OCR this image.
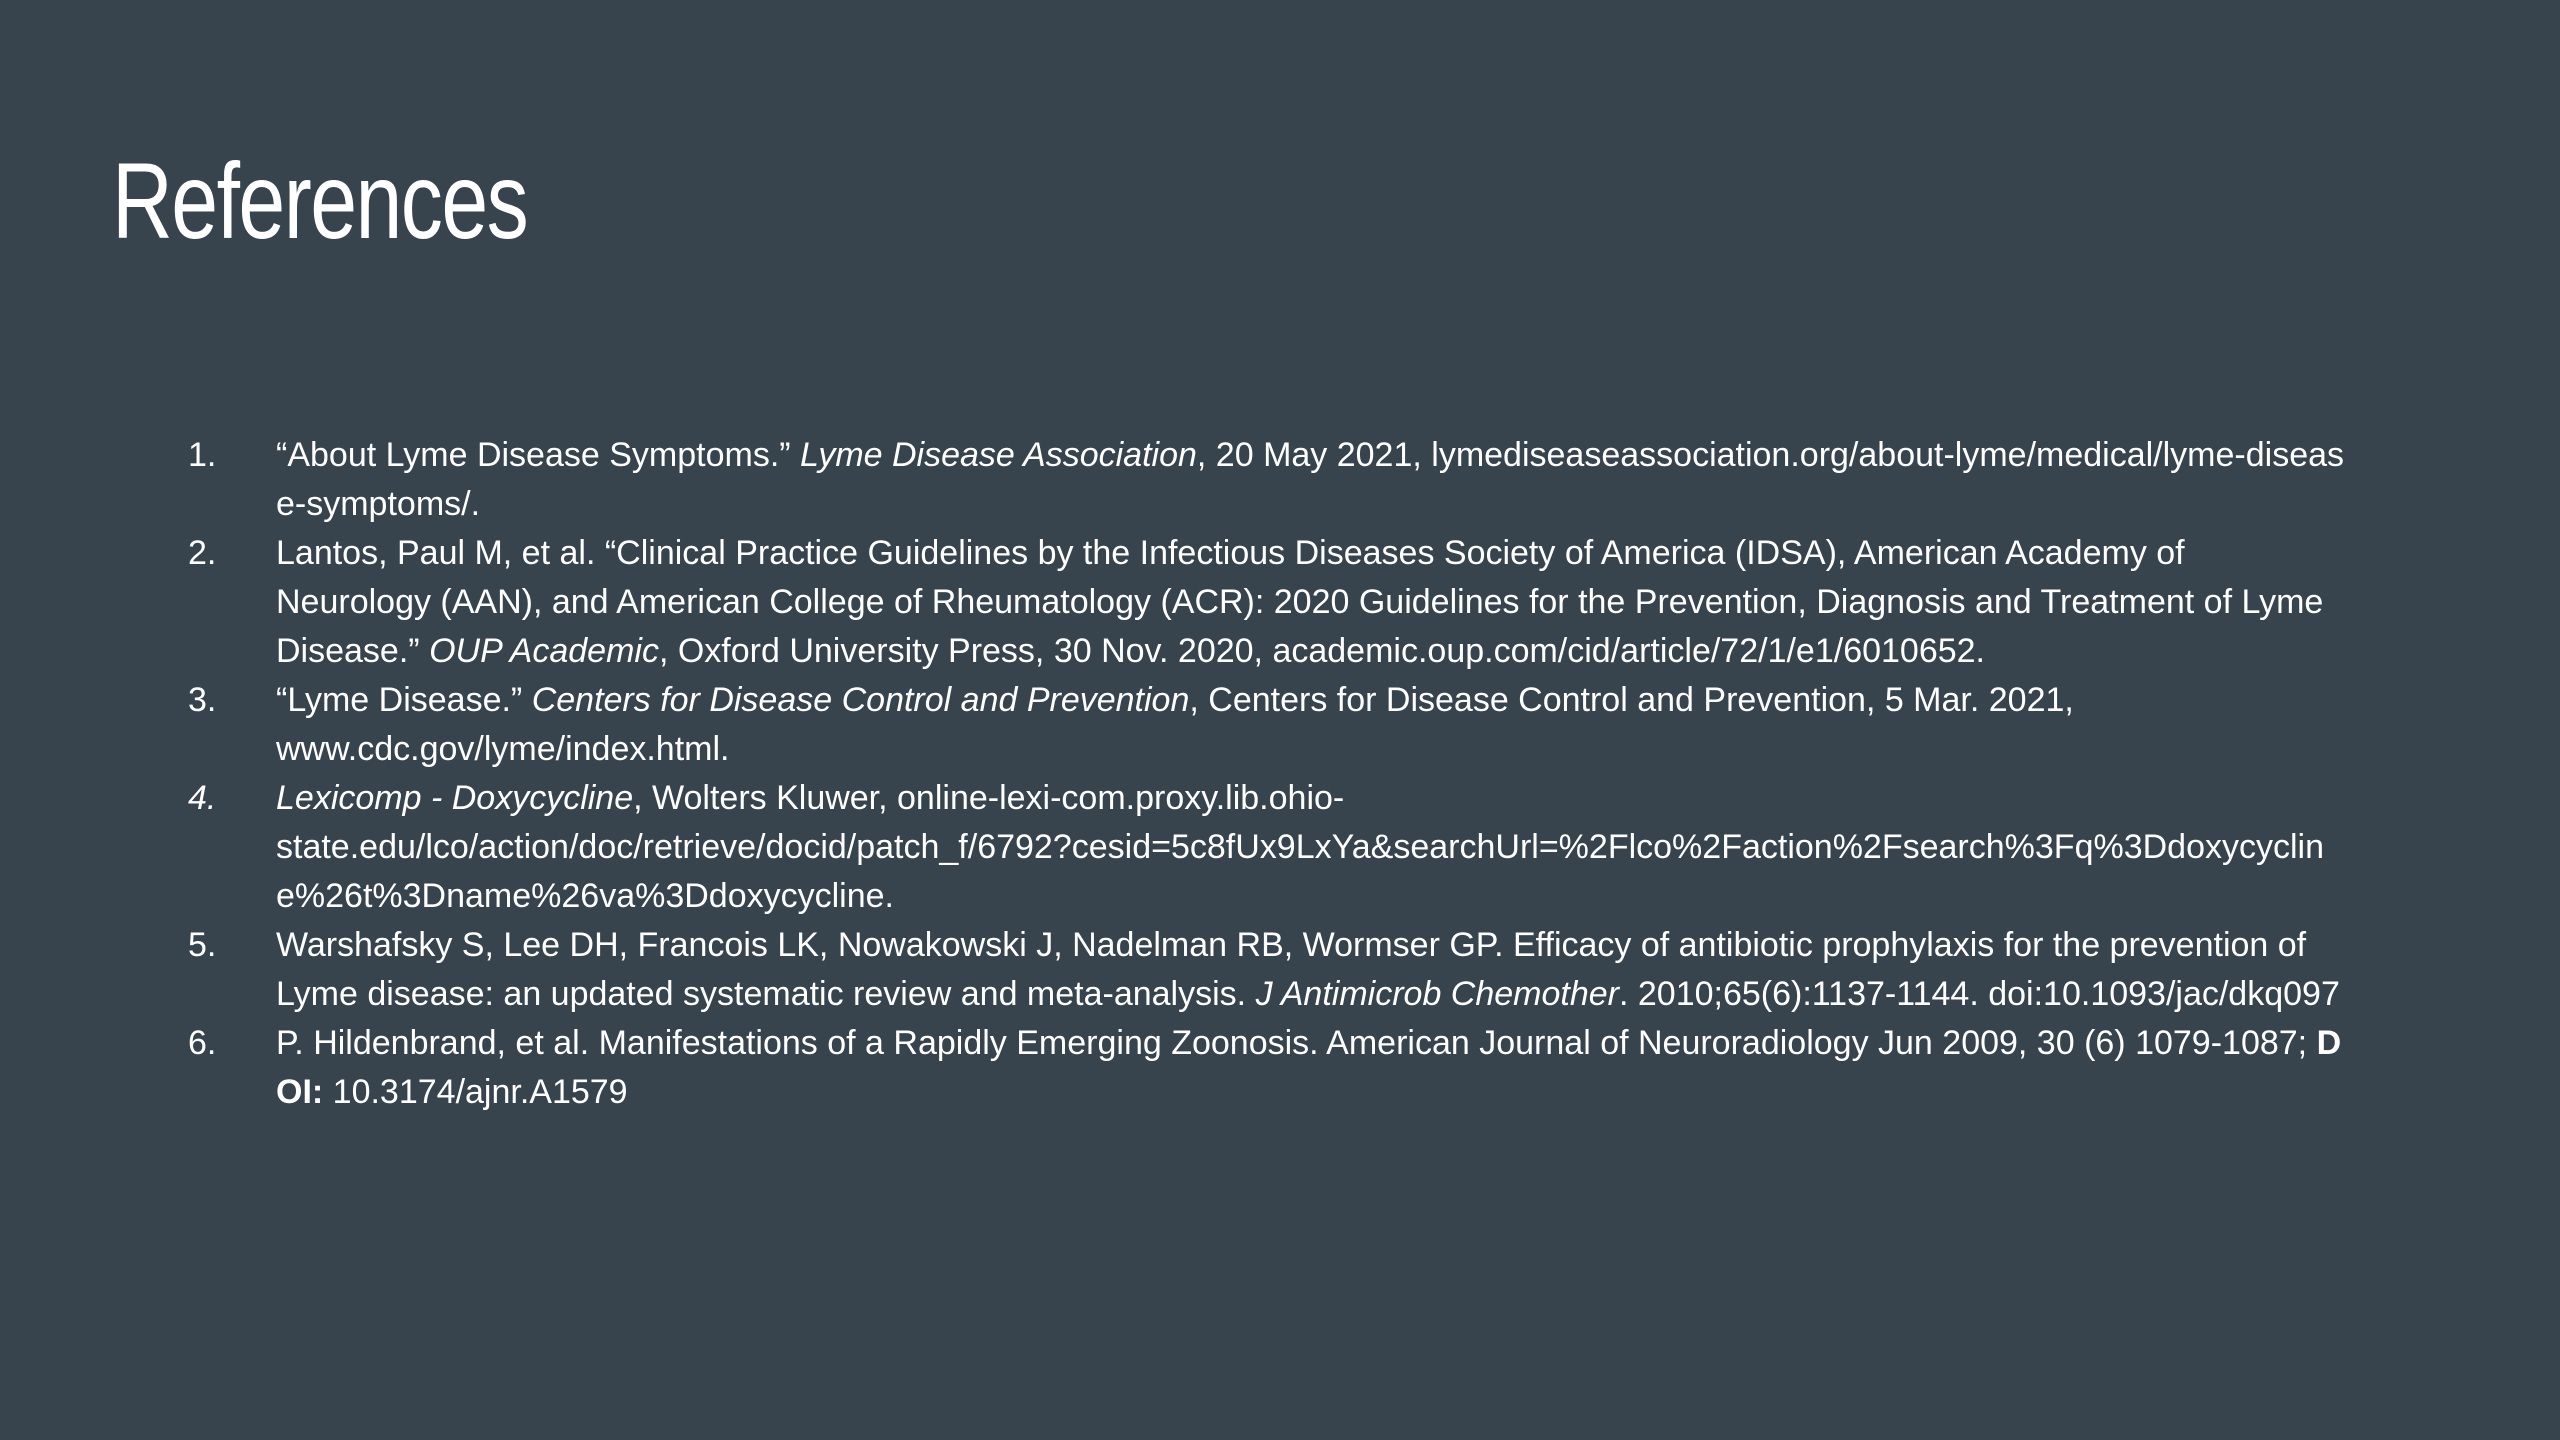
References
1. “About Lyme Disease Symptoms.” Lyme Disease Association, 20 May 2021, lymediseaseassociation.org/about-lyme/medical/lyme-disease-symptoms/.
2. Lantos, Paul M, et al. “Clinical Practice Guidelines by the Infectious Diseases Society of America (IDSA), American Academy of Neurology (AAN), and American College of Rheumatology (ACR): 2020 Guidelines for the Prevention, Diagnosis and Treatment of Lyme Disease.” OUP Academic, Oxford University Press, 30 Nov. 2020, academic.oup.com/cid/article/72/1/e1/6010652.
3. “Lyme Disease.” Centers for Disease Control and Prevention, Centers for Disease Control and Prevention, 5 Mar. 2021, www.cdc.gov/lyme/index.html.
4. Lexicomp - Doxycycline, Wolters Kluwer, online-lexi-com.proxy.lib.ohio-
state.edu/lco/action/doc/retrieve/docid/patch_f/6792?cesid=5c8fUx9LxYa&searchUrl=%2Flco%2Faction%2Fsearch%3Fq%3Ddoxycycline%26t%3Dname%26va%3Ddoxycycline.
5. Warshafsky S, Lee DH, Francois LK, Nowakowski J, Nadelman RB, Wormser GP. Efficacy of antibiotic prophylaxis for the prevention of Lyme disease: an updated systematic review and meta-analysis. J Antimicrob Chemother. 2010;65(6):1137-1144. doi:10.1093/jac/dkq097
6. P. Hildenbrand, et al. Manifestations of a Rapidly Emerging Zoonosis. American Journal of Neuroradiology Jun 2009, 30 (6) 1079-1087; DOI: 10.3174/ajnr.A1579
